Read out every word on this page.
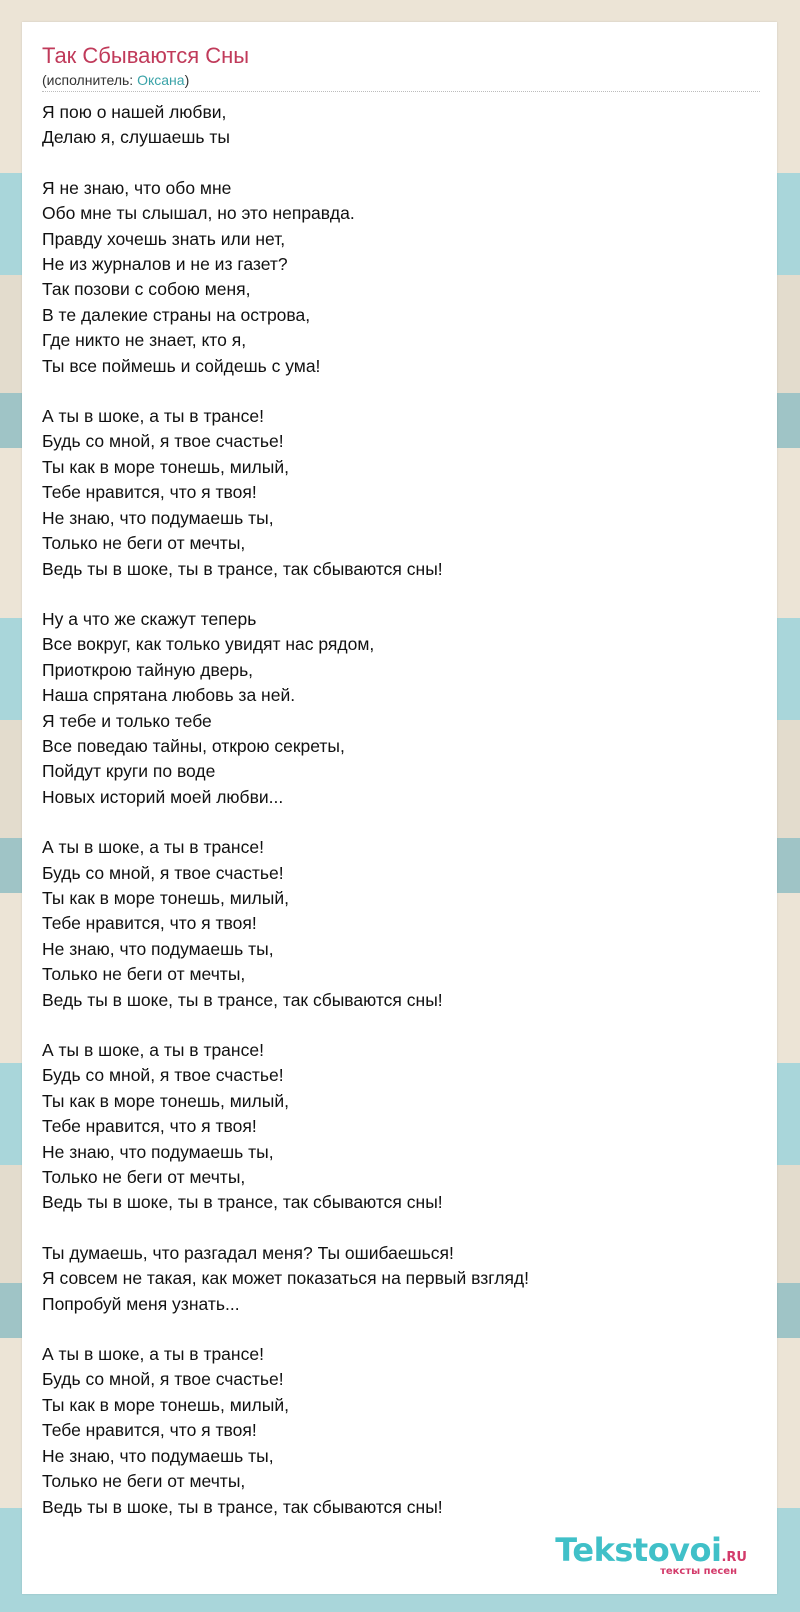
Так Сбываются Сны
(исполнитель: Оксана)
Я пою о нашей любви,
Делаю я, слушаешь ты
Я не знаю, что обо мне
Обо мне ты слышал, но это неправда.
Правду хочешь знать или нет,
Не из журналов и не из газет?
Так позови с собою меня,
В те далекие страны на острова,
Где никто не знает, кто я,
Ты все поймешь и сойдешь с ума!
А ты в шоке, а ты в трансе!
Будь со мной, я твое счастье!
Ты как в море тонешь, милый,
Тебе нравится, что я твоя!
Не знаю, что подумаешь ты,
Только не беги от мечты,
Ведь ты в шоке, ты в трансе, так сбываются сны!
Ну а что же скажут теперь
Все вокруг, как только увидят нас рядом,
Приоткрою тайную дверь,
Наша спрятана любовь за ней.
Я тебе и только тебе
Все поведаю тайны, открою секреты,
Пойдут круги по воде
Новых историй моей любви...
А ты в шоке, а ты в трансе!
Будь со мной, я твое счастье!
Ты как в море тонешь, милый,
Тебе нравится, что я твоя!
Не знаю, что подумаешь ты,
Только не беги от мечты,
Ведь ты в шоке, ты в трансе, так сбываются сны!
А ты в шоке, а ты в трансе!
Будь со мной, я твое счастье!
Ты как в море тонешь, милый,
Тебе нравится, что я твоя!
Не знаю, что подумаешь ты,
Только не беги от мечты,
Ведь ты в шоке, ты в трансе, так сбываются сны!
Ты думаешь, что разгадал меня? Ты ошибаешься!
Я совсем не такая, как может показаться на первый взгляд!
Попробуй меня узнать...
А ты в шоке, а ты в трансе!
Будь со мной, я твое счастье!
Ты как в море тонешь, милый,
Тебе нравится, что я твоя!
Не знаю, что подумаешь ты,
Только не беги от мечты,
Ведь ты в шоке, ты в трансе, так сбываются сны!
Tekstovoi.RU
тексты песен
